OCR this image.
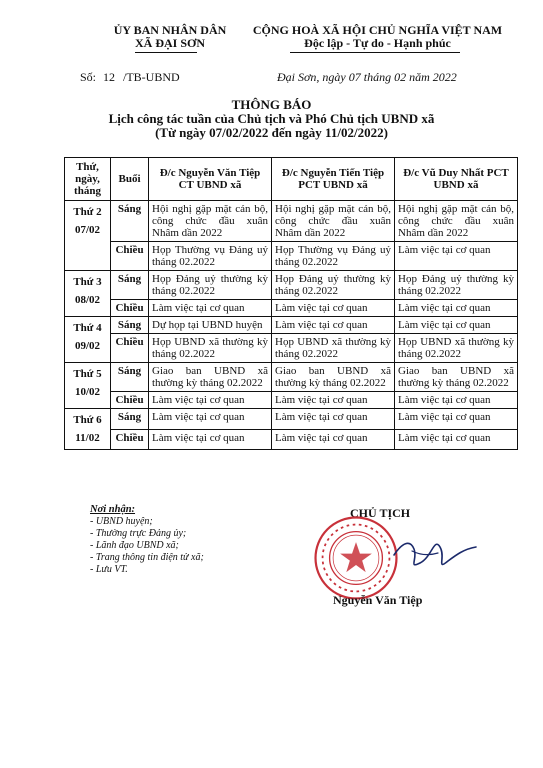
ỦY BAN NHÂN DÂN
XÃ ĐẠI SƠN
CỘNG HOÀ XÃ HỘI CHỦ NGHĨA VIỆT NAM
Độc lập - Tự do - Hạnh phúc
Số: 12 /TB-UBND	Đại Sơn, ngày 07 tháng 02 năm 2022
THÔNG BÁO
Lịch công tác tuần của Chủ tịch và Phó Chủ tịch UBND xã
(Từ ngày 07/02/2022 đến ngày 11/02/2022)
Thứ, ngày, tháng	Buổi	Đ/c Nguyễn Văn Tiệp CT UBND xã	Đ/c Nguyễn Tiến Tiệp PCT UBND xã	Đ/c Vũ Duy Nhất PCT UBND xã

Thứ 2
07/02	Sáng	Hội nghị gặp mặt cán bộ, công chức đầu xuân Nhâm dần 2022	Hội nghị gặp mặt cán bộ, công chức đầu xuân Nhâm dần 2022	Hội nghị gặp mặt cán bộ, công chức đầu xuân Nhâm dần 2022
	Chiều	Họp Thường vụ Đảng uỷ tháng 02.2022	Họp Thường vụ Đảng uỷ tháng 02.2022	Làm việc tại cơ quan

Thứ 3
08/02	Sáng	Họp Đảng uỷ thường kỳ tháng 02.2022	Họp Đảng uỷ thường kỳ tháng 02.2022	Họp Đảng uỷ thường kỳ tháng 02.2022
	Chiều	Làm việc tại cơ quan	Làm việc tại cơ quan	Làm việc tại cơ quan

Thứ 4
09/02	Sáng	Dự họp tại UBND huyện	Làm việc tại cơ quan	Làm việc tại cơ quan
	Chiều	Họp UBND xã thường kỳ tháng 02.2022	Họp UBND xã thường kỳ tháng 02.2022	Họp UBND xã thường kỳ tháng 02.2022

Thứ 5
10/02	Sáng	Giao ban UBND xã thường kỳ tháng 02.2022	Giao ban UBND xã thường kỳ tháng 02.2022	Giao ban UBND xã thường kỳ tháng 02.2022
	Chiều	Làm việc tại cơ quan	Làm việc tại cơ quan	Làm việc tại cơ quan

Thứ 6
11/02	Sáng	Làm việc tại cơ quan	Làm việc tại cơ quan	Làm việc tại cơ quan
	Chiều	Làm việc tại cơ quan	Làm việc tại cơ quan	Làm việc tại cơ quan
Nơi nhận:
- UBND huyện;
- Thường trực Đảng ủy;
- Lãnh đạo UBND xã;
- Trang thông tin điện tử xã;
- Lưu VT.
CHỦ TỊCH
Nguyễn Văn Tiệp
